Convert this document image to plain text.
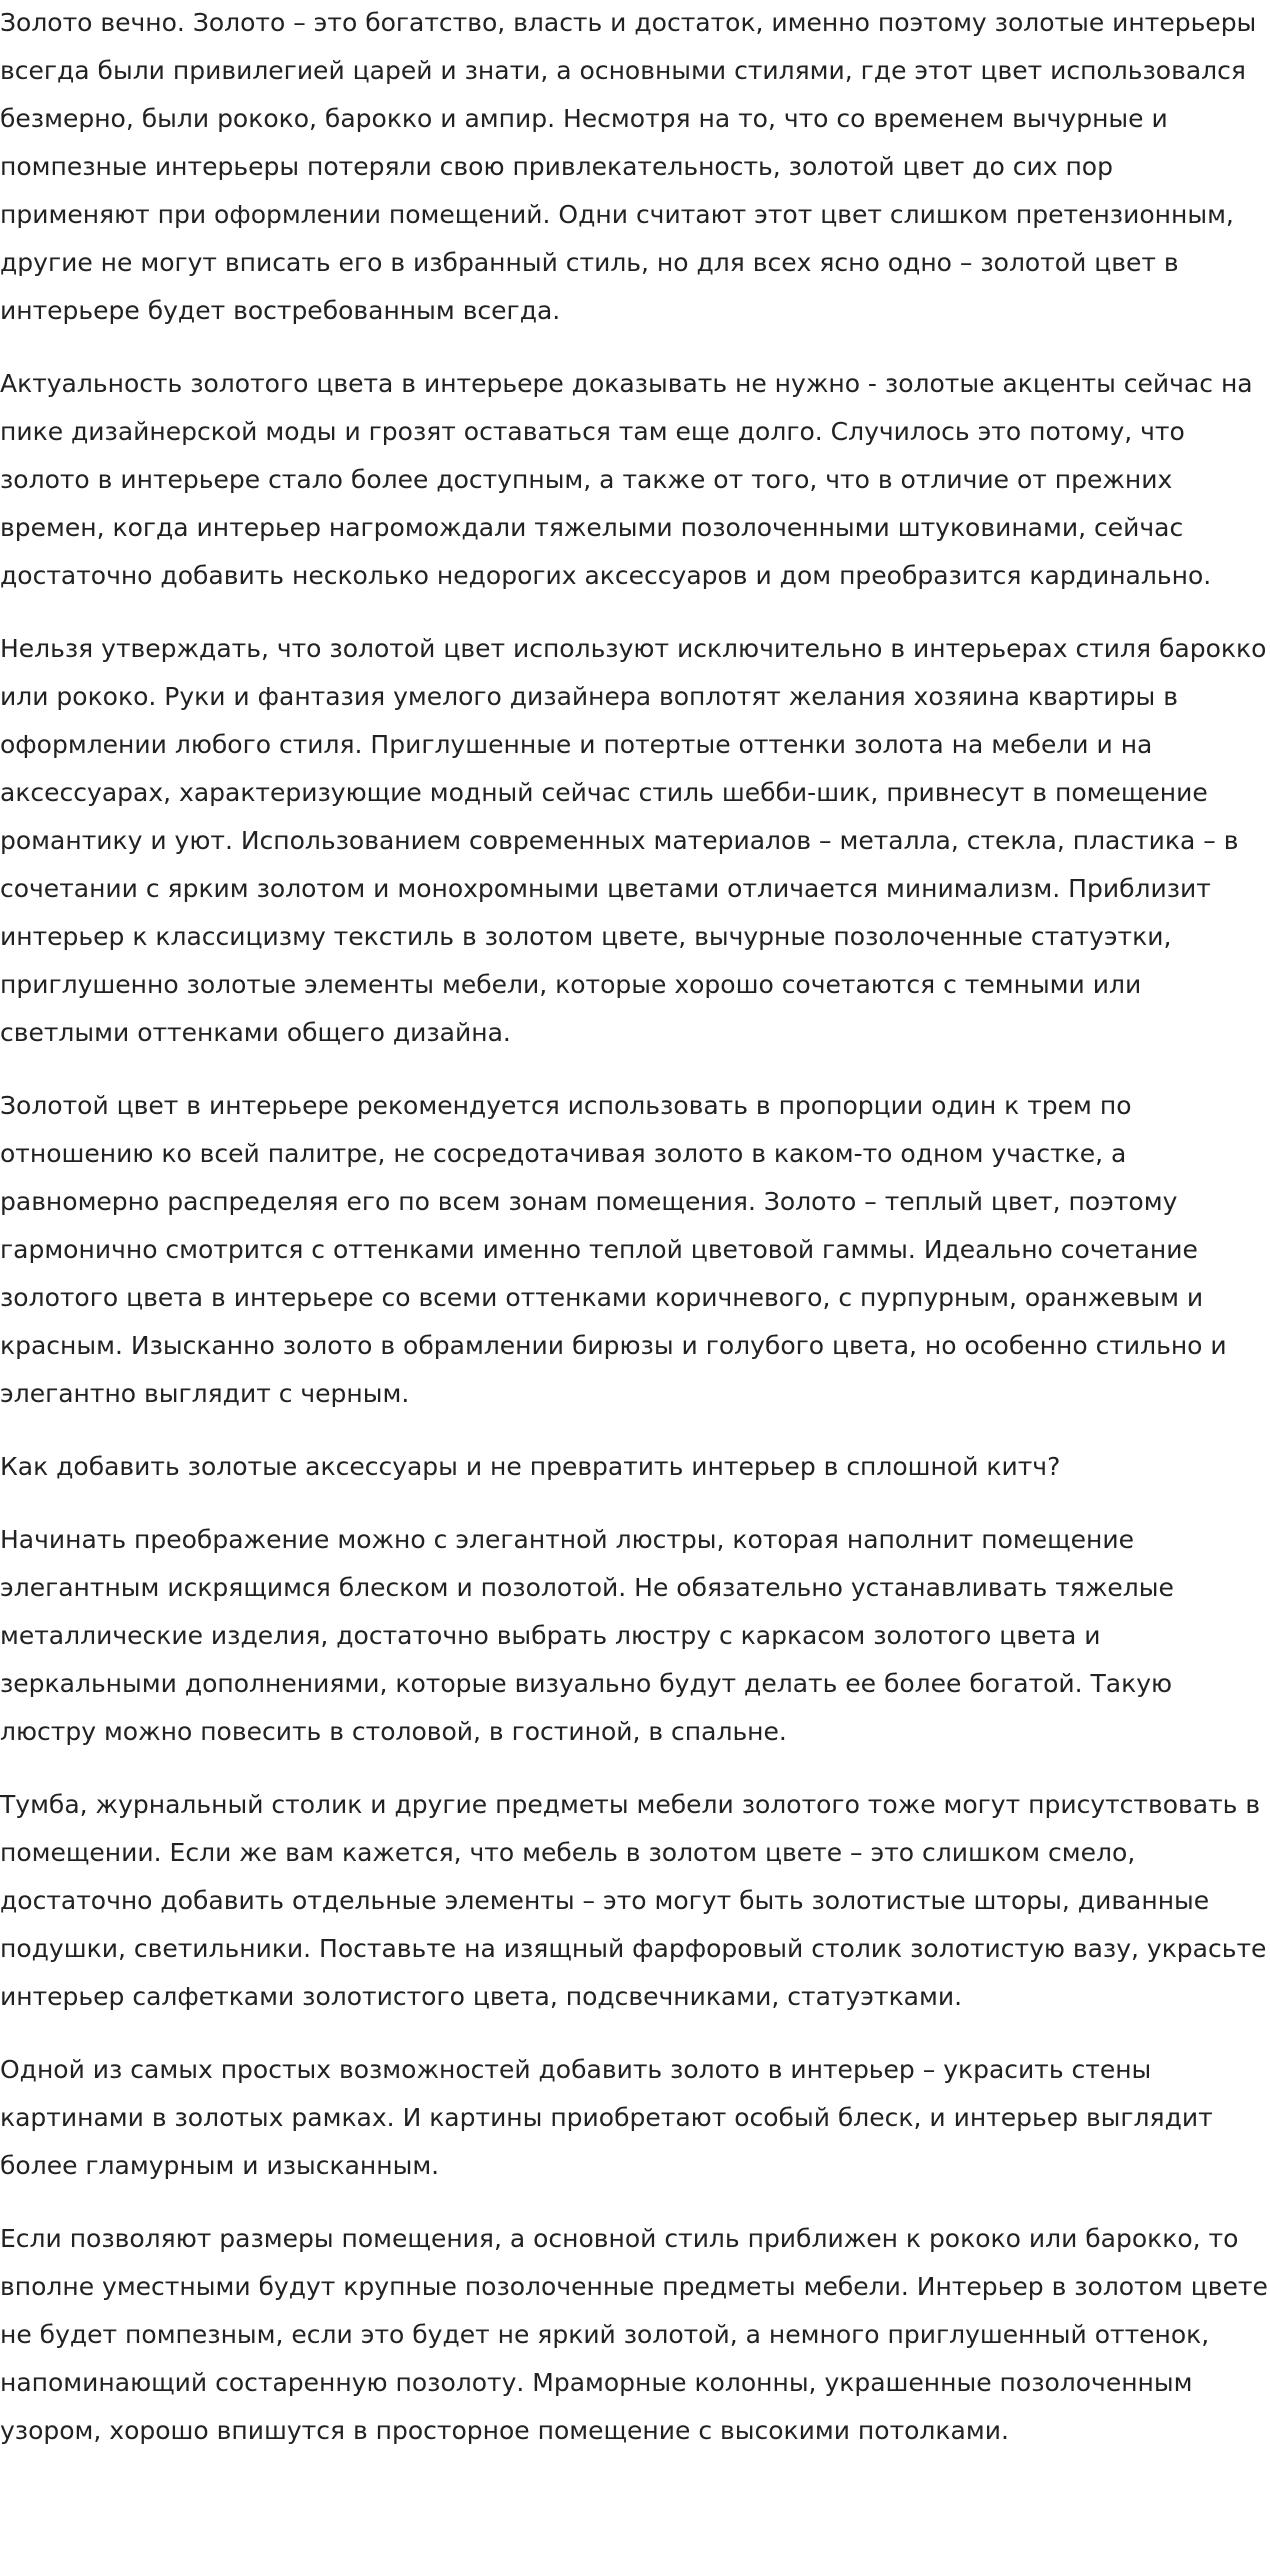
Золото вечно. Золото – это богатство, власть и достаток, именно поэтому золотые интерьеры всегда были привилегией царей и знати, а основными стилями, где этот цвет использовался безмерно, были рококо, барокко и ампир. Несмотря на то, что со временем вычурные и помпезные интерьеры потеряли свою привлекательность, золотой цвет до сих пор применяют при оформлении помещений. Одни считают этот цвет слишком претензионным, другие не могут вписать его в избранный стиль, но для всех ясно одно – золотой цвет в интерьере будет востребованным всегда.

Актуальность золотого цвета в интерьере доказывать не нужно - золотые акценты сейчас на пике дизайнерской моды и грозят оставаться там еще долго. Случилось это потому, что золото в интерьере стало более доступным, а также от того, что в отличие от прежних времен, когда интерьер нагромождали тяжелыми позолоченными штуковинами, сейчас достаточно добавить несколько недорогих аксессуаров и дом преобразится кардинально.

Нельзя утверждать, что золотой цвет используют исключительно в интерьерах стиля барокко или рококо. Руки и фантазия умелого дизайнера воплотят желания хозяина квартиры в оформлении любого стиля. Приглушенные и потертые оттенки золота на мебели и на аксессуарах, характеризующие модный сейчас стиль шебби-шик, привнесут в помещение романтику и уют. Использованием современных материалов – металла, стекла, пластика – в сочетании с ярким золотом и монохромными цветами отличается минимализм. Приблизит интерьер к классицизму текстиль в золотом цвете, вычурные позолоченные статуэтки, приглушенно золотые элементы мебели, которые хорошо сочетаются с темными или светлыми оттенками общего дизайна.

Золотой цвет в интерьере рекомендуется использовать в пропорции один к трем по отношению ко всей палитре, не сосредотачивая золото в каком-то одном участке, а равномерно распределяя его по всем зонам помещения. Золото – теплый цвет, поэтому гармонично смотрится с оттенками именно теплой цветовой гаммы. Идеально сочетание золотого цвета в интерьере со всеми оттенками коричневого, с пурпурным, оранжевым и красным. Изысканно золото в обрамлении бирюзы и голубого цвета, но особенно стильно и элегантно выглядит с черным.

Как добавить золотые аксессуары и не превратить интерьер в сплошной китч?

Начинать преображение можно с элегантной люстры, которая наполнит помещение элегантным искрящимся блеском и позолотой. Не обязательно устанавливать тяжелые металлические изделия, достаточно выбрать люстру с каркасом золотого цвета и зеркальными дополнениями, которые визуально будут делать ее более богатой. Такую люстру можно повесить в столовой, в гостиной, в спальне.

Тумба, журнальный столик и другие предметы мебели золотого тоже могут присутствовать в помещении. Если же вам кажется, что мебель в золотом цвете – это слишком смело, достаточно добавить отдельные элементы – это могут быть золотистые шторы, диванные подушки, светильники. Поставьте на изящный фарфоровый столик золотистую вазу, украсьте интерьер салфетками золотистого цвета, подсвечниками, статуэтками.

Одной из самых простых возможностей добавить золото в интерьер – украсить стены картинами в золотых рамках. И картины приобретают особый блеск, и интерьер выглядит более гламурным и изысканным.

Если позволяют размеры помещения, а основной стиль приближен к рококо или барокко, то вполне уместными будут крупные позолоченные предметы мебели. Интерьер в золотом цвете не будет помпезным, если это будет не яркий золотой, а немного приглушенный оттенок, напоминающий состаренную позолоту. Мраморные колонны, украшенные позолоченным узором, хорошо впишутся в просторное помещение с высокими потолками.
